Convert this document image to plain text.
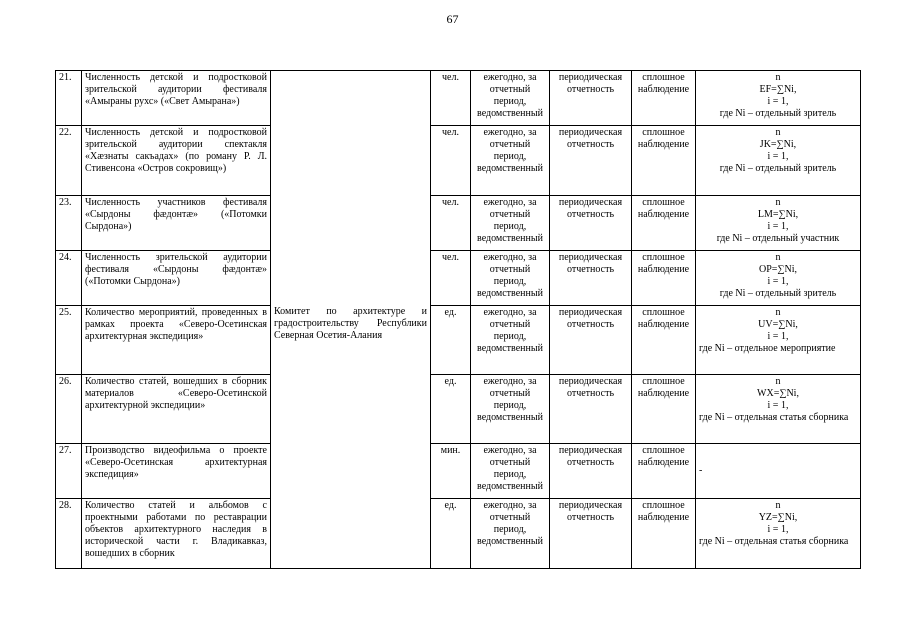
67
21.	Численность детской и подростковой зрительской аудитории фестиваля «Амыраны рухс» («Свет Амырана»)	Комитет по архитектуре и градостроительству Республики Северная Осетия-Алания	чел.	ежегодно, за отчетный период, ведомственный	периодическая отчетность	сплошное наблюдение	n
EF=∑Ni,
i = 1,
где Ni – отдельный зритель

22.	Численность детской и подростковой зрительской аудитории спектакля «Хæзнаты сакъадах» (по роману Р. Л. Стивенсона «Остров сокровищ»)		чел.	ежегодно, за отчетный период, ведомственный	периодическая отчетность	сплошное наблюдение	n
JK=∑Ni,
i = 1,
где Ni – отдельный зритель

23.	Численность участников фестиваля «Сырдоны фæдонтæ» («Потомки Сырдона»)		чел.	ежегодно, за отчетный период, ведомственный	периодическая отчетность	сплошное наблюдение	n
LM=∑Ni,
i = 1,
где Ni – отдельный участник

24.	Численность зрительской аудитории фестиваля «Сырдоны фæдонтæ» («Потомки Сырдона»)		чел.	ежегодно, за отчетный период, ведомственный	периодическая отчетность	сплошное наблюдение	n
OP=∑Ni,
i = 1,
где Ni – отдельный зритель

25.	Количество мероприятий, проведенных в рамках проекта «Северо-Осетинская архитектурная экспедиция»		ед.	ежегодно, за отчетный период, ведомственный	периодическая отчетность	сплошное наблюдение	n
UV=∑Ni,
i = 1,
где Ni – отдельное мероприятие

26.	Количество статей, вошедших в сборник материалов «Северо-Осетинской архитектурной экспедиции»		ед.	ежегодно, за отчетный период, ведомственный	периодическая отчетность	сплошное наблюдение	n
WX=∑Ni,
i = 1,
где Ni – отдельная статья сборника

27.	Производство видеофильма о проекте «Северо-Осетинская архитектурная экспедиция»		мин.	ежегодно, за отчетный период, ведомственный	периодическая отчетность	сплошное наблюдение	-
28.	Количество статей и альбомов с проектными работами по реставрации объектов архитектурного наследия в исторической части г. Владикавказ, вошедших в сборник		ед.	ежегодно, за отчетный период, ведомственный	периодическая отчетность	сплошное наблюдение	n
YZ=∑Ni,
i = 1,
где Ni – отдельная статья сборника
